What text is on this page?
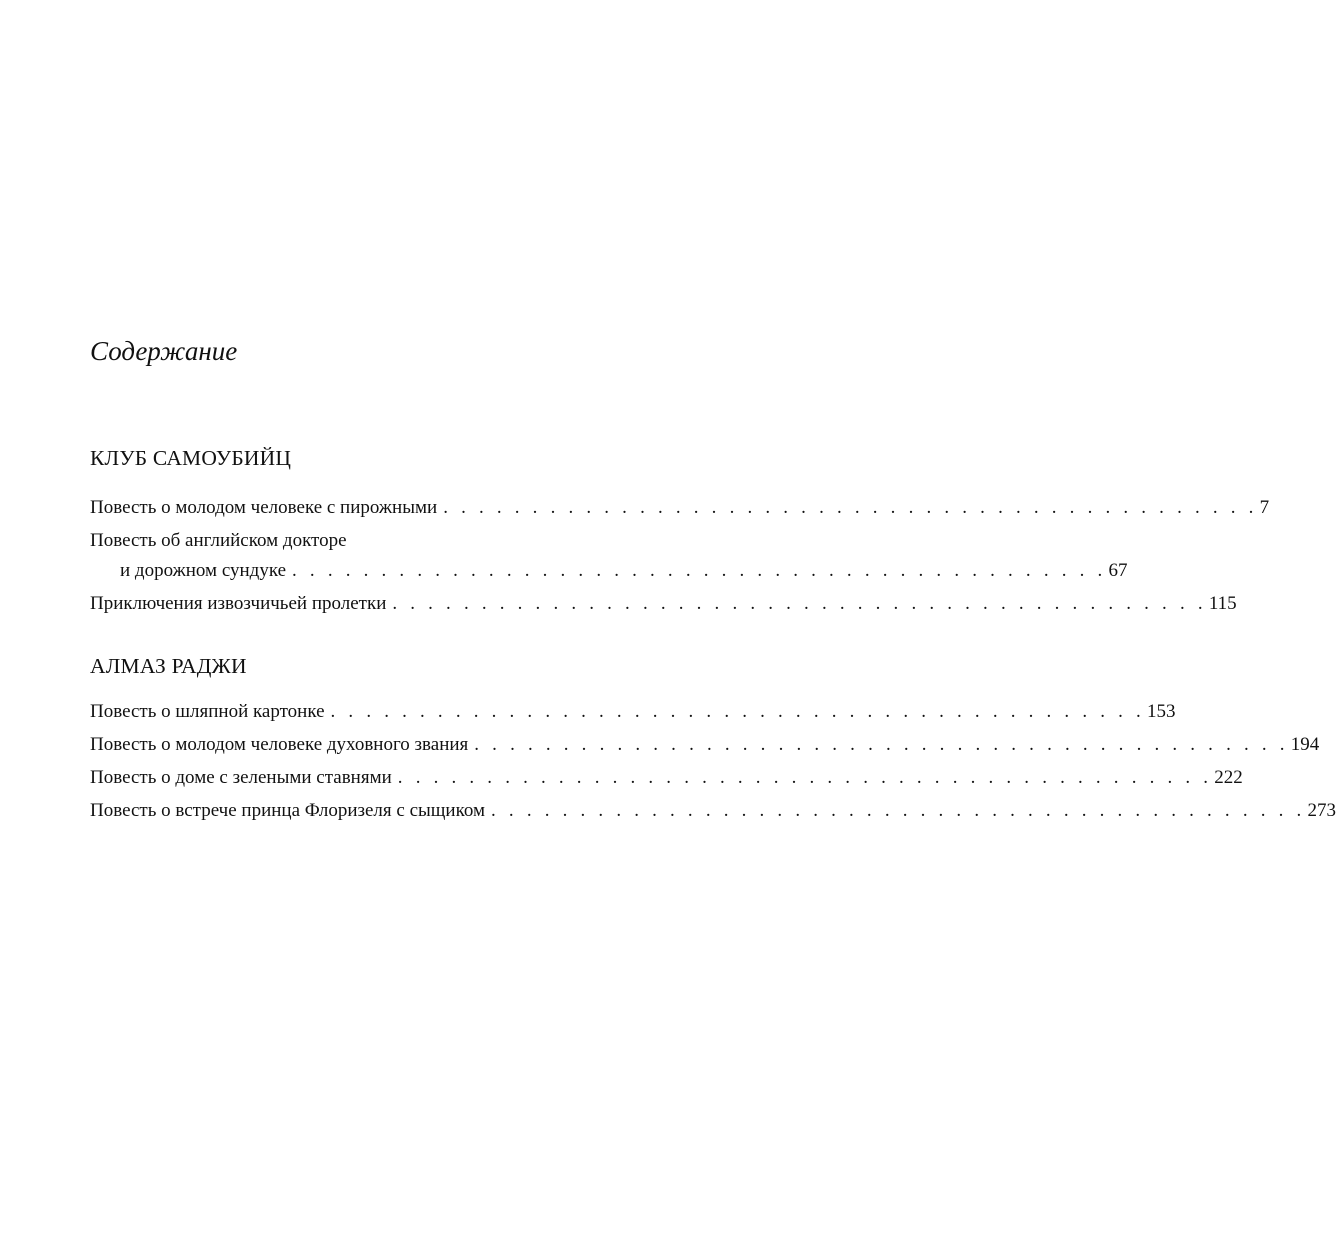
Содержание
КЛУБ САМОУБИЙЦ
Повесть о молодом человеке с пирожными . . . . . . . . . . . . . . . . . . . . . . . . . . . . . . . . . . . . . . . . . . . . . . 7
Повесть об английском докторе
и дорожном сундуке . . . . . . . . . . . . . . . . . . . . . . . . . . . . . . . . . . . . . . . . . . . . . . 67
Приключения извозчичьей пролетки . . . . . . . . . . . . . . . . . . . . . . . . . . . . . . . . . . . . . . . . . . . . . . 115
АЛМАЗ РАДЖИ
Повесть о шляпной картонке . . . . . . . . . . . . . . . . . . . . . . . . . . . . . . . . . . . . . . . . . . . . . . 153
Повесть о молодом человеке духовного звания . . . . . . . . . . . . . . . . . . . . . . . . . . . . . . . . . . . . . . . . . . . . . . 194
Повесть о доме с зелеными ставнями . . . . . . . . . . . . . . . . . . . . . . . . . . . . . . . . . . . . . . . . . . . . . . 222
Повесть о встрече принца Флоризеля с сыщиком . . . . . . . . . . . . . . . . . . . . . . . . . . . . . . . . . . . . . . . . . . . . . . 273
